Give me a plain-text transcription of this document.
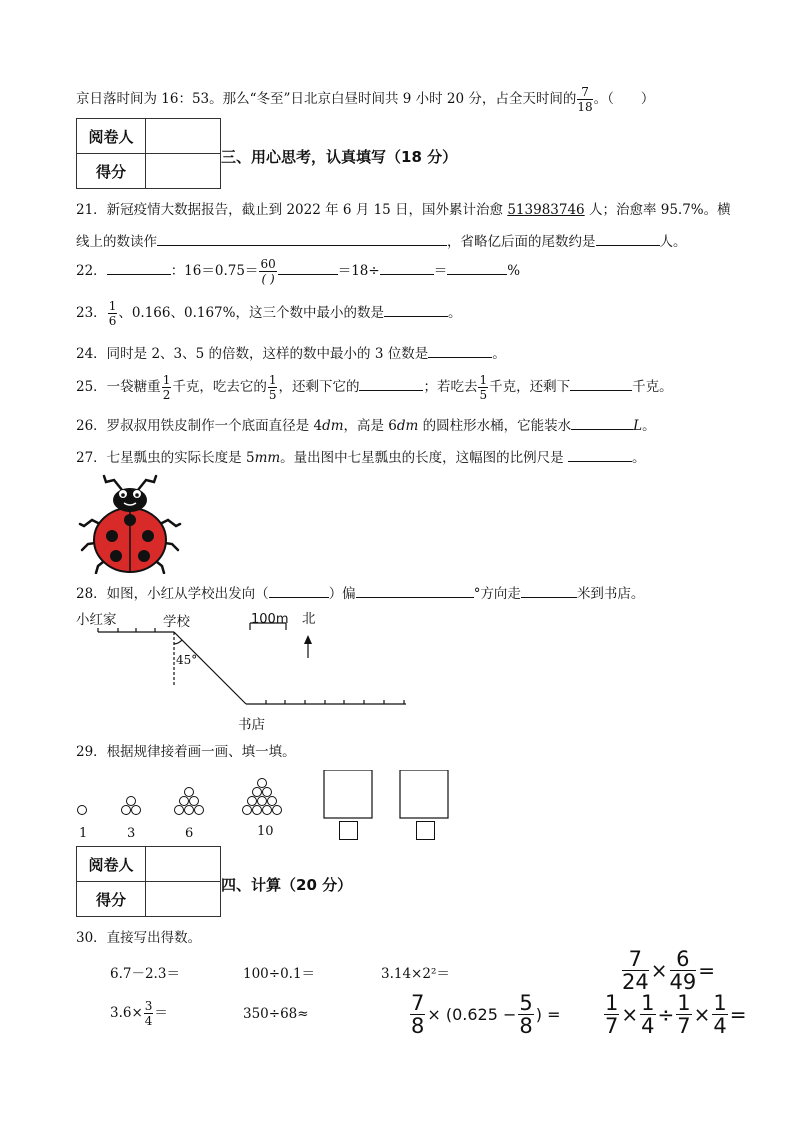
京日落时间为 16：53。那么“冬至”日北京白昼时间共 9 小时 20 分，占全天时间的 $\frac{7}{18}$ 。（　　）
阅卷人	
得分	
三、用心思考，认真填写（18 分）
21．新冠疫情大数据报告，截止到 2022 年 6 月 15 日，国外累计治愈 513983746 人；治愈率 95.7%。横
线上的数读作	，省略亿后面的尾数约是	人。
22．	：$16=0.75= \frac{60}{( )}$	＝18÷	＝	%
23． $\frac{1}{6}$ 、0.166、0.167%，这三个数中最小的数是	。
24．同时是 2、3、5 的倍数，这样的数中最小的 3 位数是	。
25．一袋糖重 $\frac{1}{2}$ 千克，吃去它的 $\frac{1}{5}$ ，还剩下它的	；若吃去 $\frac{1}{5}$ 千克，还剩下	千克。
26．罗叔叔用铁皮制作一个底面直径是 4dm，高是 6dm 的圆柱形水桶，它能装水	L。
27．七星瓢虫的实际长度是 5mm。量出图中七星瓢虫的长度，这幅图的比例尺是	。
28．如图，小红从学校出发向（	）偏	°方向走	米到书店。
小红家	学校	100m 北
45°
书店
29．根据规律接着画一画、填一填。
1	3	6	10
阅卷人	
得分	
四、计算（20 分）
30．直接写出得数。
6.7－2.3＝	100÷0.1＝	3.14×2²＝	$\frac{7}{24} \times \frac{6}{49}$ =
$3.6\times \frac{3}{4}$ ＝	350÷68≈	$\frac{7}{8} \times (0.625 - \frac{5}{8}$ ) = $\frac{1}{7} \times \frac{1}{4} \div \frac{1}{7} \times \frac{1}{4}$ =
